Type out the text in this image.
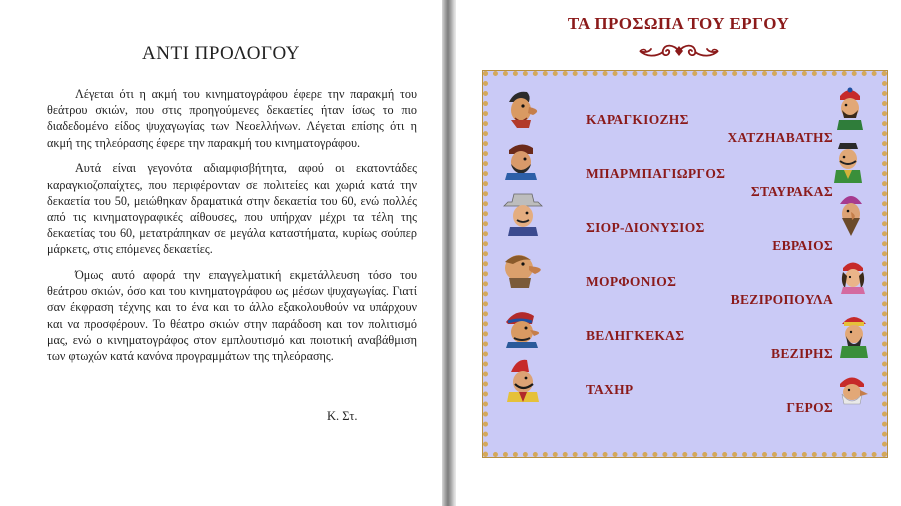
ΑΝΤΙ ΠΡΟΛΟΓΟΥ

Λέγεται ότι η ακμή του κινηματογράφου έφερε την παρακμή του θεάτρου σκιών, που στις προηγούμενες δεκαετίες ήταν ίσως το πιο διαδεδομένο είδος ψυχαγωγίας των Νεοελλήνων. Λέγεται επίσης ότι η ακμή της τηλεόρασης έφερε την παρακμή του κινηματογράφου.

Αυτά είναι γεγονότα αδιαμφισβήτητα, αφού οι εκατοντάδες καραγκιοζοπαίχτες, που περιφέρονταν σε πολιτείες και χωριά κατά την δεκαετία του 50, μειώθηκαν δραματικά στην δεκαετία του 60, ενώ πολλές από τις κινηματογραφικές αίθουσες, που υπήρχαν μέχρι τα τέλη της δεκαετίας του 60, μετατράπηκαν σε μεγάλα καταστήματα, κυρίως σούπερ μάρκετς, στις επόμενες δεκαετίες.

Όμως αυτό αφορά την επαγγελματική εκμετάλλευση τόσο του θεάτρου σκιών, όσο και του κινηματογράφου ως μέσων ψυχαγωγίας. Γιατί σαν έκφραση τέχνης και το ένα και το άλλο εξακολουθούν να υπάρχουν και να προσφέρουν. Το θέατρο σκιών στην παράδοση και τον πολιτισμό μας, ενώ ο κινηματογράφος στον εμπλουτισμό και ποιοτική αναβάθμιση των φτωχών κατά κανόνα προγραμμάτων της τηλεόρασης.

Κ. Στ.
ΤΑ ΠΡΟΣΩΠΑ ΤΟΥ ΕΡΓΟΥ
ΚΑΡΑΓΚΙΟΖΗΣ
ΧΑΤΖΗΑΒΑΤΗΣ
ΜΠΑΡΜΠΑΓΙΩΡΓΟΣ
ΣΤΑΥΡΑΚΑΣ
ΣΙΟΡ-ΔΙΟΝΥΣΙΟΣ
ΕΒΡΑΙΟΣ
ΜΟΡΦΟΝΙΟΣ
ΒΕΖΙΡΟΠΟΥΛΑ
ΒΕΛΗΓΚΕΚΑΣ
ΒΕΖΙΡΗΣ
ΤΑΧΗΡ
ΓΕΡΟΣ
